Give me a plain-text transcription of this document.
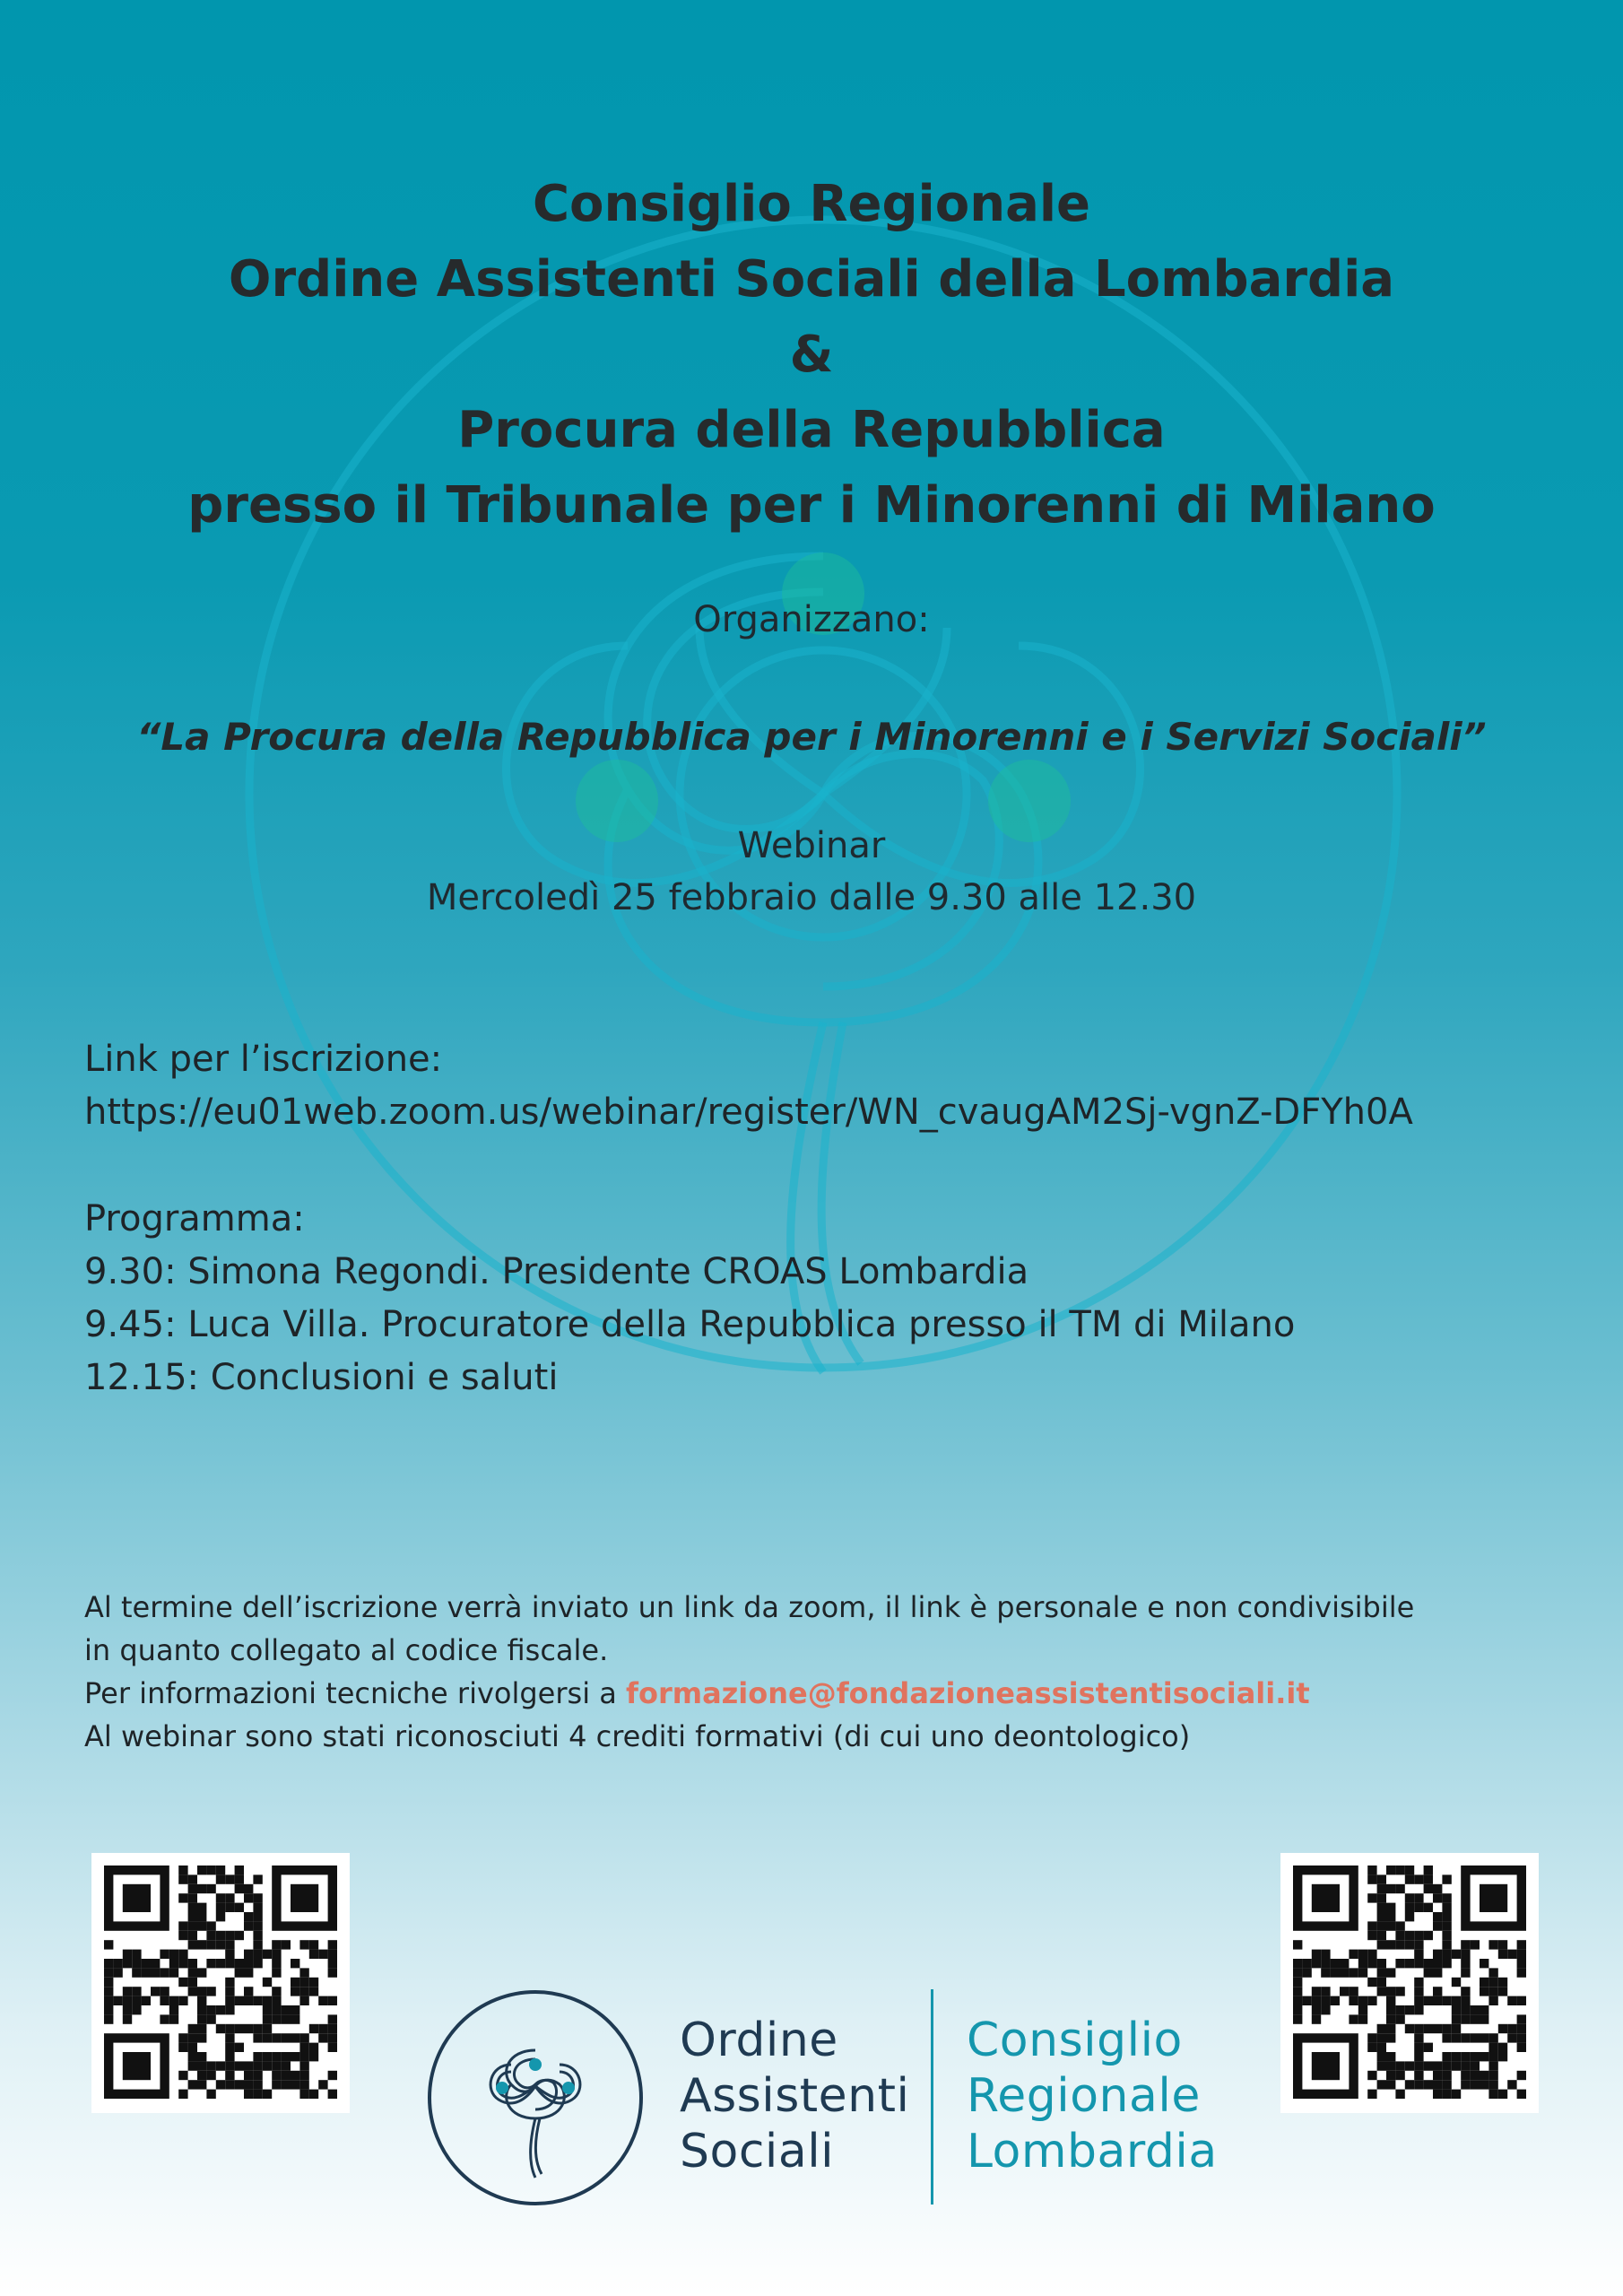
Consiglio Regionale
Ordine Assistenti Sociali della Lombardia
&
Procura della Repubblica
presso il Tribunale per i Minorenni di Milano
Organizzano:
“La Procura della Repubblica per i Minorenni e i Servizi Sociali”
Webinar
Mercoledì 25 febbraio dalle 9.30 alle 12.30
Link per l’iscrizione:
https://eu01web.zoom.us/webinar/register/WN_cvaugAM2Sj-vgnZ-DFYh0A
Programma:
9.30: Simona Regondi. Presidente CROAS Lombardia
9.45: Luca Villa. Procuratore della Repubblica presso il TM di Milano
12.15: Conclusioni e saluti
Al termine dell’iscrizione verrà inviato un link da zoom, il link è personale e non condivisibile
in quanto collegato al codice fiscale.
Per informazioni tecniche rivolgersi a formazione@fondazioneassistentisociali.it
Al webinar sono stati riconosciuti 4 crediti formativi (di cui uno deontologico)
Ordine
Assistenti
Sociali
Consiglio
Regionale
Lombardia
